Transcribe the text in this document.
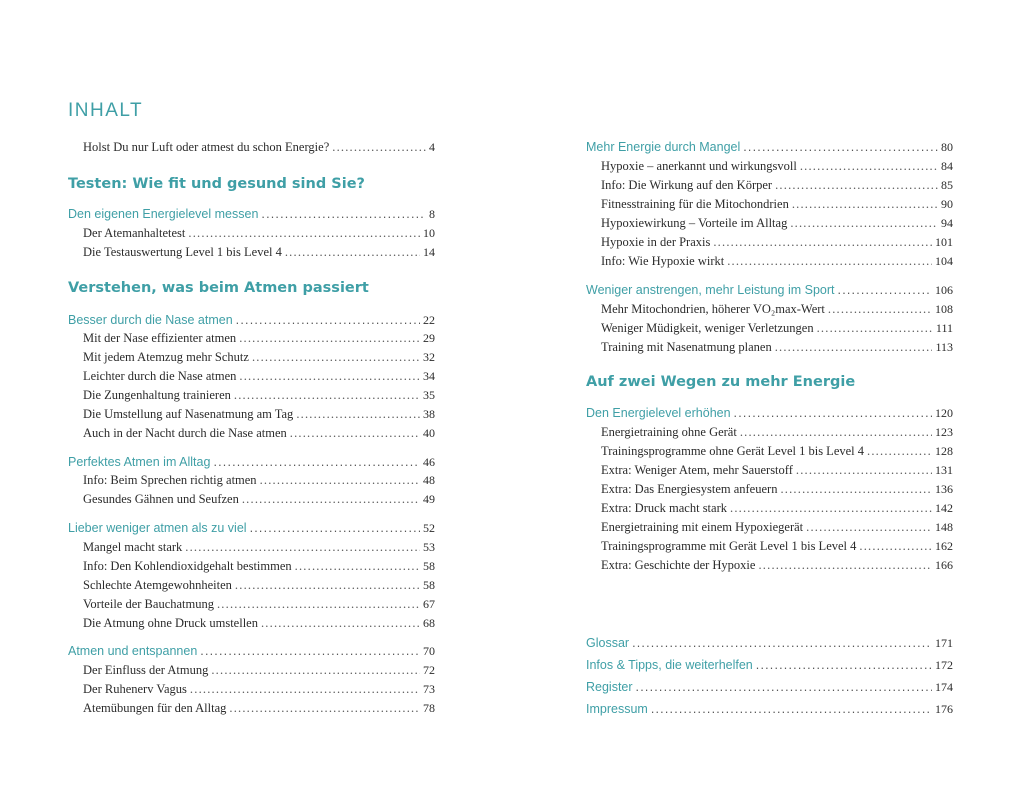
INHALT
Holst Du nur Luft oder atmest du schon Energie? .....	4
Testen: Wie fit und gesund sind Sie?
Den eigenen Energielevel messen .....	8
Der Atemanhaltetest .....	10
Die Testauswertung Level 1 bis Level 4 .....	14
Verstehen, was beim Atmen passiert
Besser durch die Nase atmen .....	22
Mit der Nase effizienter atmen .....	29
Mit jedem Atemzug mehr Schutz .....	32
Leichter durch die Nase atmen .....	34
Die Zungenhaltung trainieren .....	35
Die Umstellung auf Nasenatmung am Tag .....	38
Auch in der Nacht durch die Nase atmen .....	40
Perfektes Atmen im Alltag .....	46
Info: Beim Sprechen richtig atmen .....	48
Gesundes Gähnen und Seufzen .....	49
Lieber weniger atmen als zu viel .....	52
Mangel macht stark .....	53
Info: Den Kohlendioxidgehalt bestimmen .....	58
Schlechte Atemgewohnheiten .....	58
Vorteile der Bauchatmung .....	67
Die Atmung ohne Druck umstellen .....	68
Atmen und entspannen .....	70
Der Einfluss der Atmung .....	72
Der Ruhenerv Vagus .....	73
Atemübungen für den Alltag .....	78
Mehr Energie durch Mangel .....	80
Hypoxie – anerkannt und wirkungsvoll .....	84
Info: Die Wirkung auf den Körper .....	85
Fitnesstraining für die Mitochondrien .....	90
Hypoxiewirkung – Vorteile im Alltag .....	94
Hypoxie in der Praxis .....	101
Info: Wie Hypoxie wirkt .....	104
Weniger anstrengen, mehr Leistung im Sport .....	106
Mehr Mitochondrien, höherer VO₂max-Wert .....	108
Weniger Müdigkeit, weniger Verletzungen .....	111
Training mit Nasenatmung planen .....	113
Auf zwei Wegen zu mehr Energie
Den Energielevel erhöhen .....	120
Energietraining ohne Gerät .....	123
Trainingsprogramme ohne Gerät Level 1 bis Level 4 .....	128
Extra: Weniger Atem, mehr Sauerstoff .....	131
Extra: Das Energiesystem anfeuern .....	136
Extra: Druck macht stark .....	142
Energietraining mit einem Hypoxiegerät .....	148
Trainingsprogramme mit Gerät Level 1 bis Level 4 .....	162
Extra: Geschichte der Hypoxie .....	166
Glossar .....	171
Infos & Tipps, die weiterhelfen .....	172
Register .....	174
Impressum .....	176
